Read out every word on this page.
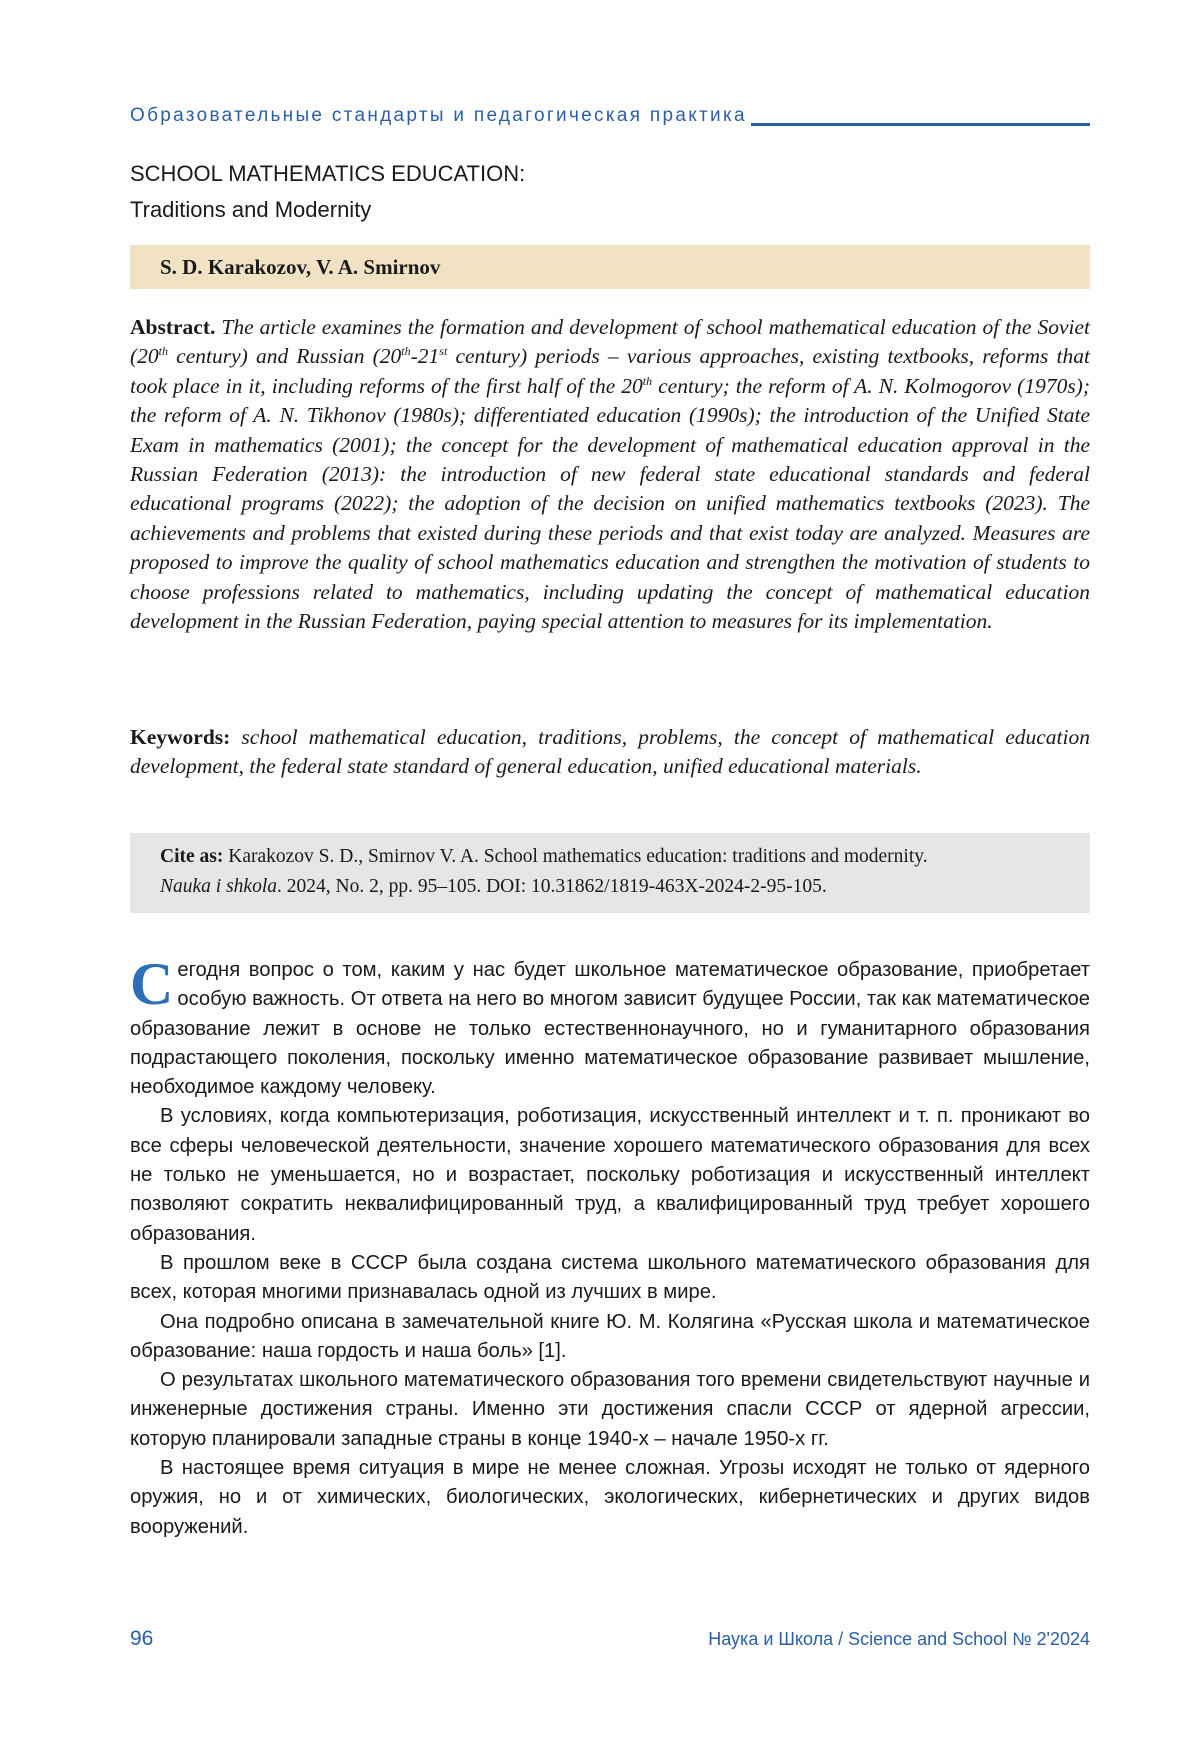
Образовательные стандарты и педагогическая практика
SCHOOL MATHEMATICS EDUCATION:
Traditions and Modernity
S. D. Karakozov, V. A. Smirnov
Abstract. The article examines the formation and development of school mathematical education of the Soviet (20th century) and Russian (20th-21st century) periods – various approaches, existing textbooks, reforms that took place in it, including reforms of the first half of the 20th century; the reform of A. N. Kolmogorov (1970s); the reform of A. N. Tikhonov (1980s); differentiated education (1990s); the introduction of the Unified State Exam in mathematics (2001); the concept for the development of mathematical education approval in the Russian Federation (2013): the introduction of new federal state educational standards and federal educational programs (2022); the adoption of the decision on unified mathematics textbooks (2023). The achievements and problems that existed during these periods and that exist today are analyzed. Measures are proposed to improve the quality of school mathematics education and strengthen the motivation of students to choose professions related to mathematics, including updating the concept of mathematical education development in the Russian Federation, paying special attention to measures for its implementation.
Keywords: school mathematical education, traditions, problems, the concept of mathematical education development, the federal state standard of general education, unified educational materials.
Cite as: Karakozov S. D., Smirnov V. A. School mathematics education: traditions and modernity.
Nauka i shkola. 2024, No. 2, pp. 95–105. DOI: 10.31862/1819-463X-2024-2-95-105.

Сегодня вопрос о том, каким у нас будет школьное математическое образование, приобретает особую важность. От ответа на него во многом зависит будущее России, так как математическое образование лежит в основе не только естественнонаучного, но и гуманитарного образования подрастающего поколения, поскольку именно математическое образование развивает мышление, необходимое каждому человеку.

В условиях, когда компьютеризация, роботизация, искусственный интеллект и т. п. проникают во все сферы человеческой деятельности, значение хорошего математического образования для всех не только не уменьшается, но и возрастает, поскольку роботизация и искусственный интеллект позволяют сократить неквалифицированный труд, а квалифицированный труд требует хорошего образования.

В прошлом веке в СССР была создана система школьного математического образования для всех, которая многими признавалась одной из лучших в мире.

Она подробно описана в замечательной книге Ю. М. Колягина «Русская школа и математическое образование: наша гордость и наша боль» [1].

О результатах школьного математического образования того времени свидетельствуют научные и инженерные достижения страны. Именно эти достижения спасли СССР от ядерной агрессии, которую планировали западные страны в конце 1940-х – начале 1950-х гг.

В настоящее время ситуация в мире не менее сложная. Угрозы исходят не только от ядерного оружия, но и от химических, биологических, экологических, кибернетических и других видов вооружений.

96	Наука и Школа / Science and School № 2'2024
